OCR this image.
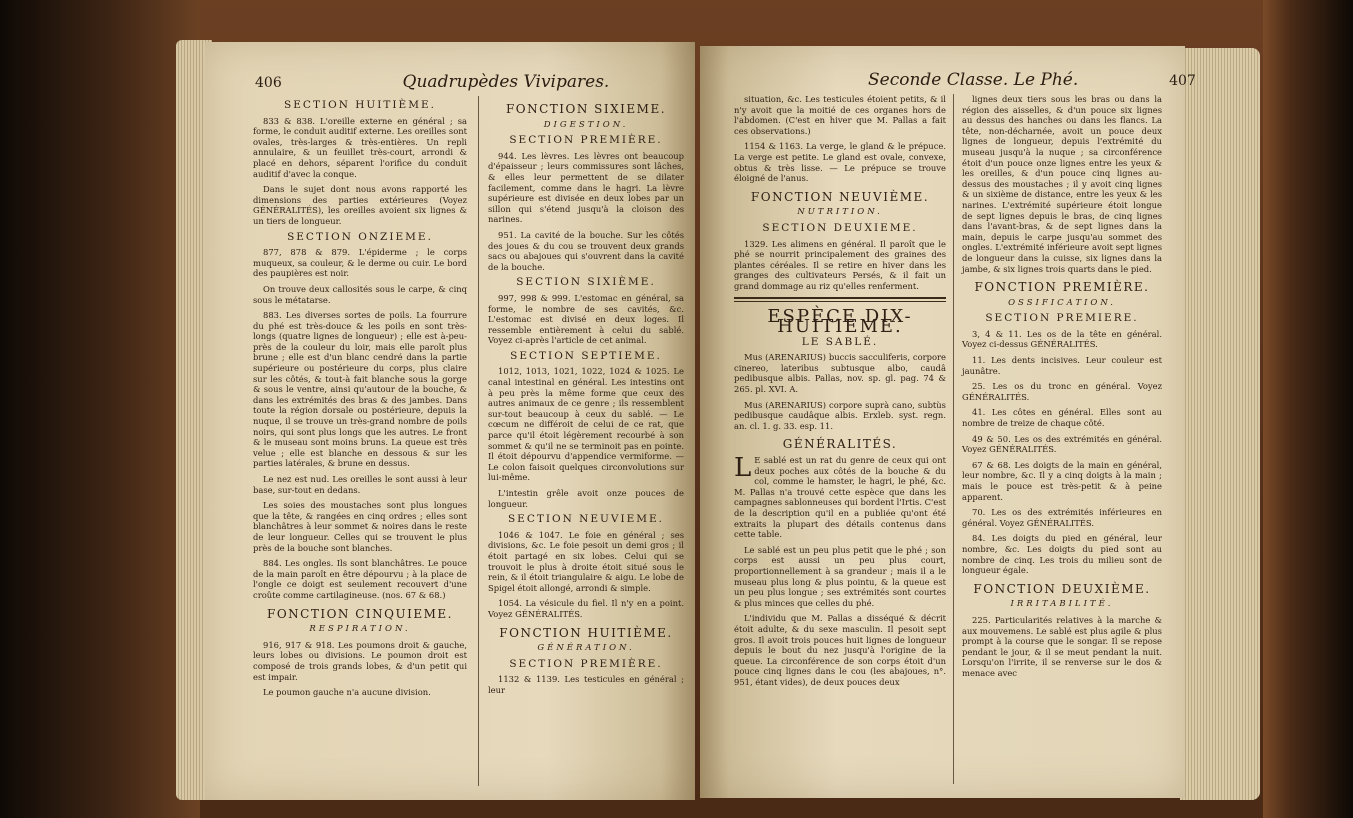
406	Quadrupèdes Vivipares.
SECTION HUITIÈME.

833 & 838. L'oreille externe en général ; sa forme, le conduit auditif externe. Les oreilles sont ovales, très-larges & très-entières. Un repli annulaire, & un feuillet très-court, arrondi & placé en dehors, séparent l'orifice du conduit auditif d'avec la conque.

Dans le sujet dont nous avons rapporté les dimensions des parties extérieures (Voyez GÉNÉRALITÉS), les oreilles avoient six lignes & un tiers de longueur.

SECTION ONZIEME.

877, 878 & 879. L'épiderme ; le corps muqueux, sa couleur, & le derme ou cuir. Le bord des paupières est noir.

On trouve deux callosités sous le carpe, & cinq sous le métatarse.

883. Les diverses sortes de poils. La fourrure du phé est très-douce & les poils en sont très-longs (quatre lignes de longueur) ; elle est à-peu-près de la couleur du loir, mais elle paroît plus brune ; elle est d'un blanc cendré dans la partie supérieure ou postérieure du corps, plus claire sur les côtés, & tout-à fait blanche sous la gorge & sous le ventre, ainsi qu'autour de la bouche, & dans les extrémités des bras & des jambes. Dans toute la région dorsale ou postérieure, depuis la nuque, il se trouve un très-grand nombre de poils noirs, qui sont plus longs que les autres. Le front & le museau sont moins bruns. La queue est très velue ; elle est blanche en dessous & sur les parties latérales, & brune en dessus.

Le nez est nud. Les oreilles le sont aussi à leur base, sur-tout en dedans.

Les soies des moustaches sont plus longues que la tête, & rangées en cinq ordres ; elles sont blanchâtres à leur sommet & noires dans le reste de leur longueur. Celles qui se trouvent le plus près de la bouche sont blanches.

884. Les ongles. Ils sont blanchâtres. Le pouce de la main paroît en être dépourvu ; à la place de l'ongle ce doigt est seulement recouvert d'une croûte comme cartilagineuse. (nos. 67 & 68.)

FONCTION CINQUIEME.
RESPIRATION.

916, 917 & 918. Les poumons droit & gauche, leurs lobes ou divisions. Le poumon droit est composé de trois grands lobes, & d'un petit qui est impair.

Le poumon gauche n'a aucune division.

FONCTION SIXIEME.
DIGESTION.
SECTION PREMIÈRE.

944. Les lèvres. Les lèvres ont beaucoup d'épaisseur ; leurs commissures sont lâches, & elles leur permettent de se dilater facilement, comme dans le hagri. La lèvre supérieure est divisée en deux lobes par un sillon qui s'étend jusqu'à la cloison des narines.

951. La cavité de la bouche. Sur les côtés des joues & du cou se trouvent deux grands sacs ou abajoues qui s'ouvrent dans la cavité de la bouche.

SECTION SIXIÈME.

997, 998 & 999. L'estomac en général, sa forme, le nombre de ses cavités, &c. L'estomac est divisé en deux loges. Il ressemble entièrement à celui du sablé. Voyez ci-après l'article de cet animal.

SECTION SEPTIEME.

1012, 1013, 1021, 1022, 1024 & 1025. Le canal intestinal en général. Les intestins ont à peu près la même forme que ceux des autres animaux de ce genre ; ils ressemblent sur-tout beaucoup à ceux du sablé. — Le cœcum ne différoit de celui de ce rat, que parce qu'il étoit légèrement recourbé à son sommet & qu'il ne se terminoit pas en pointe. Il étoit dépourvu d'appendice vermiforme. — Le colon faisoit quelques circonvolutions sur lui-même.

L'intestin grêle avoit onze pouces de longueur.

SECTION NEUVIEME.

1046 & 1047. Le foie en général ; ses divisions, &c. Le foie pesoit un demi gros ; il étoit partagé en six lobes. Celui qui se trouvoit le plus à droite étoit situé sous le rein, & il étoit triangulaire & aigu. Le lobe de Spigel étoit allongé, arrondi & simple.

1054. La vésicule du fiel. Il n'y en a point. Voyez GÉNÉRALITÉS.

FONCTION HUITIÈME.
GÉNÉRATION.
SECTION PREMIÈRE.

1132 & 1139. Les testicules en général ; leur

Seconde Classe. Le Phé.	407

situation, &c. Les testicules étoient petits, & il n'y avoit que la moitié de ces organes hors de l'abdomen. (C'est en hiver que M. Pallas a fait ces observations.)

1154 & 1163. La verge, le gland & le prépuce. La verge est petite. Le gland est ovale, convexe, obtus & très lisse. — Le prépuce se trouve éloigné de l'anus.

FONCTION NEUVIÈME.
NUTRITION.
SECTION DEUXIEME.

1329. Les alimens en général. Il paroît que le phé se nourrit principalement des graines des plantes céréales. Il se retire en hiver dans les granges des cultivateurs Persés, & il fait un grand dommage au riz qu'elles renferment.

ESPÈCE DIX-HUITIEME.
LE SABLÉ.

Mus (ARENARIUS) buccis sacculiferis, corpore cinereo, lateribus subtusque albo, caudâ pedibusque albis. Pallas, nov. sp. gl. pag. 74 & 265. pl. XVI. A.

Mus (ARENARIUS) corpore suprà cano, subtùs pedibusque caudâque albis. Erxleb. syst. regn. an. cl. 1. g. 33. esp. 11.

GÉNÉRALITÉS.

L E sablé est un rat du genre de ceux qui ont deux poches aux côtés de la bouche & du col, comme le hamster, le hagri, le phé, &c. M. Pallas n'a trouvé cette espèce que dans les campagnes sablonneuses qui bordent l'Irtis. C'est de la description qu'il en a publiée qu'ont été extraits la plupart des détails contenus dans cette table.

Le sablé est un peu plus petit que le phé ; son corps est aussi un peu plus court, proportionnellement à sa grandeur ; mais il a le museau plus long & plus pointu, & la queue est un peu plus longue ; ses extrémités sont courtes & plus minces que celles du phé.

L'individu que M. Pallas a disséqué & décrit étoit adulte, & du sexe masculin. Il pesoit sept gros. Il avoit trois pouces huit lignes de longueur depuis le bout du nez jusqu'à l'origine de la queue. La circonférence de son corps étoit d'un pouce cinq lignes dans le cou (les abajoues, n°. 951, étant vides), de deux pouces deux

lignes deux tiers sous les bras ou dans la région des aisselles, & d'un pouce six lignes au dessus des hanches ou dans les flancs. La tête, non-décharnée, avoit un pouce deux lignes de longueur, depuis l'extrémité du museau jusqu'à la nuque ; sa circonférence étoit d'un pouce onze lignes entre les yeux & les oreilles, & d'un pouce cinq lignes au-dessus des moustaches ; il y avoit cinq lignes & un sixième de distance, entre les yeux & les narines. L'extrémité supérieure étoit longue de sept lignes depuis le bras, de cinq lignes dans l'avant-bras, & de sept lignes dans la main, depuis le carpe jusqu'au sommet des ongles. L'extrémité inférieure avoit sept lignes de longueur dans la cuisse, six lignes dans la jambe, & six lignes trois quarts dans le pied.

FONCTION PREMIÈRE.
OSSIFICATION.
SECTION PREMIERE.

3, 4 & 11. Les os de la tête en général. Voyez ci-dessus GÉNÉRALITÉS.

11. Les dents incisives. Leur couleur est jaunâtre.

25. Les os du tronc en général. Voyez GÉNÉRALITÉS.

41. Les côtes en général. Elles sont au nombre de treize de chaque côté.

49 & 50. Les os des extrémités en général. Voyez GÉNÉRALITÉS.

67 & 68. Les doigts de la main en général, leur nombre, &c. Il y a cinq doigts à la main ; mais le pouce est très-petit & à peine apparent.

70. Les os des extrémités inférieures en général. Voyez GÉNÉRALITÉS.

84. Les doigts du pied en général, leur nombre, &c. Les doigts du pied sont au nombre de cinq. Les trois du milieu sont de longueur égale.

FONCTION DEUXIÈME.
IRRITABILITÉ.

225. Particularités relatives à la marche & aux mouvemens. Le sablé est plus agile & plus prompt à la course que le songar. Il se repose pendant le jour, & il se meut pendant la nuit. Lorsqu'on l'irrite, il se renverse sur le dos & menace avec
